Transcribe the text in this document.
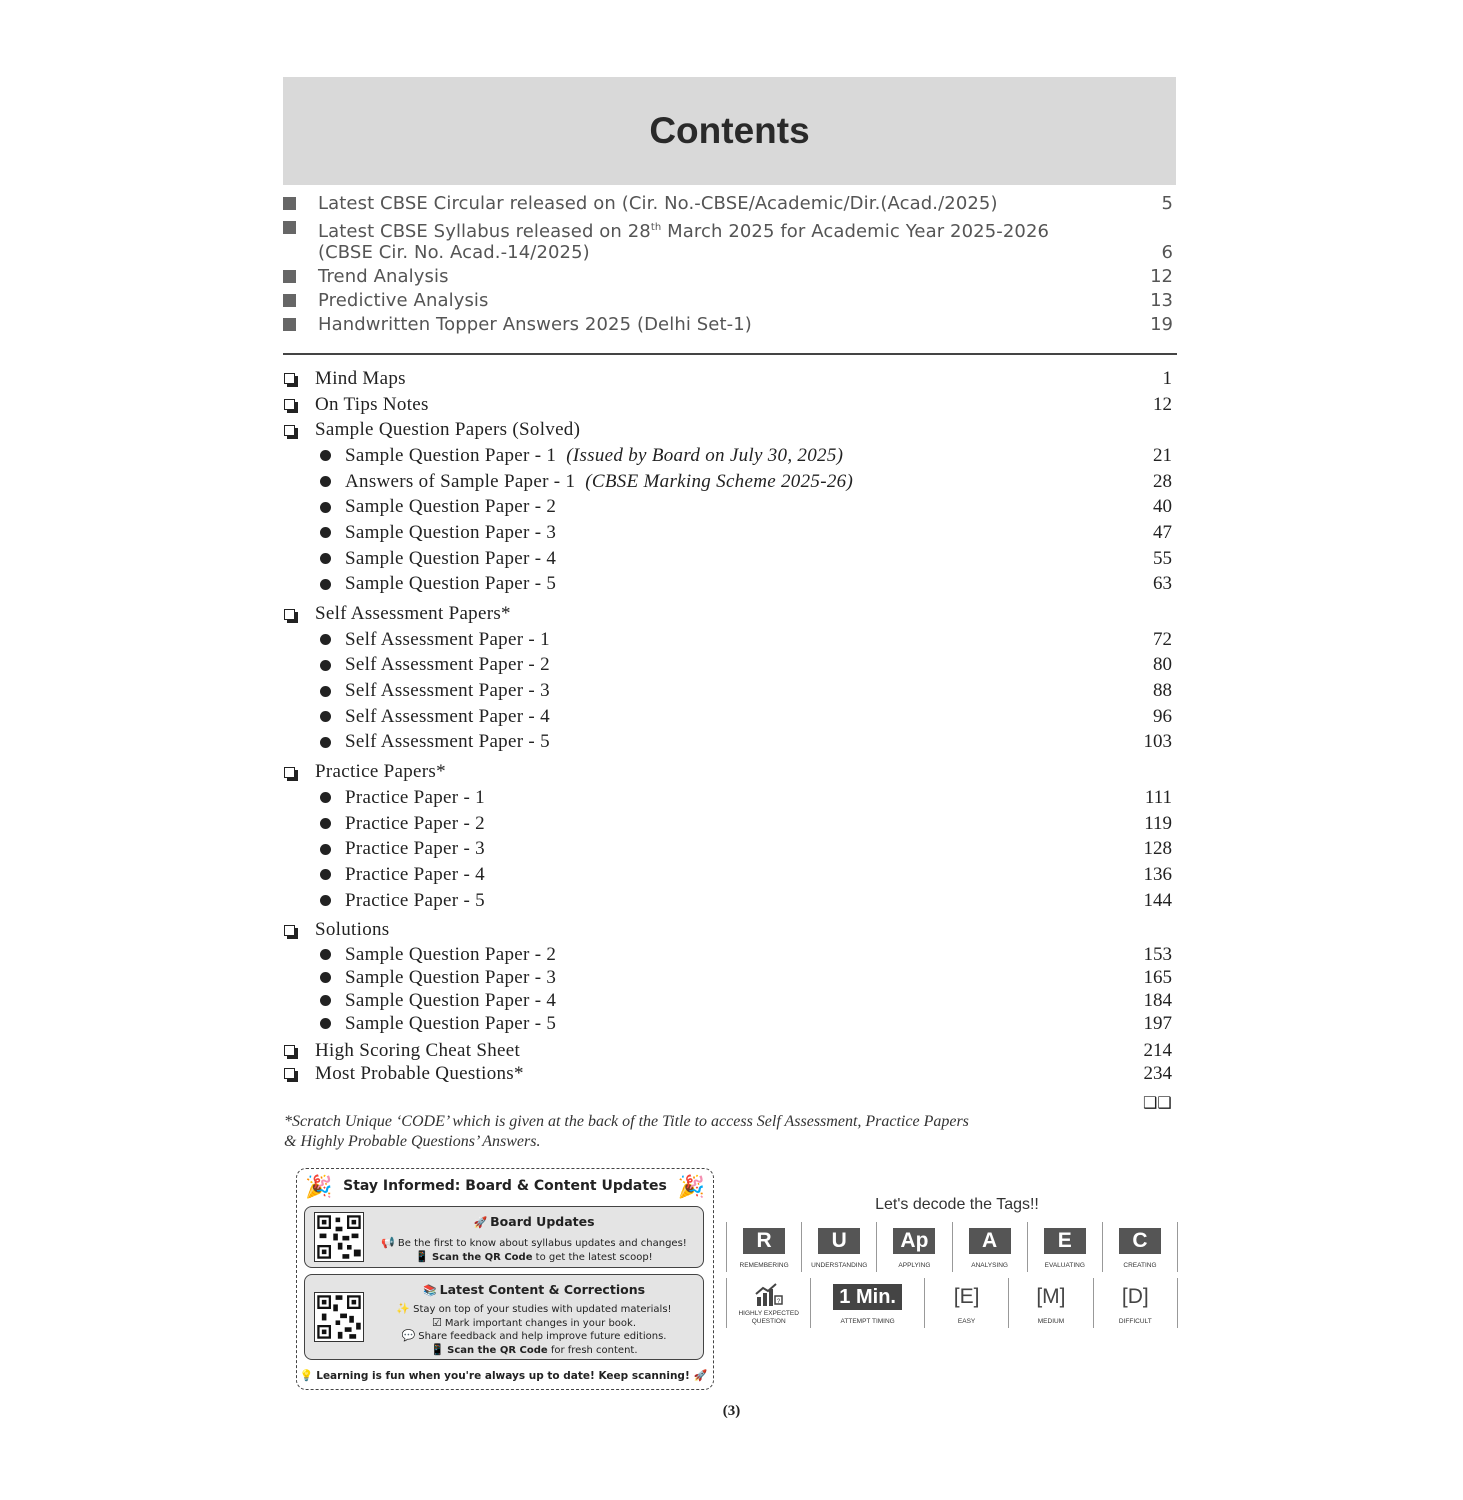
Contents
Latest CBSE Circular released on (Cir. No.-CBSE/Academic/Dir.(Acad./2025)	5
Latest CBSE Syllabus released on 28th March 2025 for Academic Year 2025-2026
(CBSE Cir. No. Acad.-14/2025)	6
Trend Analysis	12
Predictive Analysis	13
Handwritten Topper Answers 2025 (Delhi Set-1)	19
Mind Maps	1
On Tips Notes	12
Sample Question Papers (Solved)
Sample Question Paper - 1 (Issued by Board on July 30, 2025)	21
Answers of Sample Paper - 1 (CBSE Marking Scheme 2025-26)	28
Sample Question Paper - 2	40
Sample Question Paper - 3	47
Sample Question Paper - 4	55
Sample Question Paper - 5	63
Self Assessment Papers*
Self Assessment Paper - 1	72
Self Assessment Paper - 2	80
Self Assessment Paper - 3	88
Self Assessment Paper - 4	96
Self Assessment Paper - 5	103
Practice Papers*
Practice Paper - 1	111
Practice Paper - 2	119
Practice Paper - 3	128
Practice Paper - 4	136
Practice Paper - 5	144
Solutions
Sample Question Paper - 2	153
Sample Question Paper - 3	165
Sample Question Paper - 4	184
Sample Question Paper - 5	197
High Scoring Cheat Sheet	214
Most Probable Questions*	234
❑❑
*Scratch Unique ‘CODE’ which is given at the back of the Title to access Self Assessment, Practice Papers
& Highly Probable Questions’ Answers.
🎉	🎉
Stay Informed: Board & Content Updates
🚀 Board Updates
📢 Be the first to know about syllabus updates and changes!
📱 Scan the QR Code to get the latest scoop!
📚 Latest Content & Corrections
✨ Stay on top of your studies with updated materials!
☑ Mark important changes in your book.
💬 Share feedback and help improve future editions.
📱 Scan the QR Code for fresh content.
💡 Learning is fun when you're always up to date! Keep scanning! 🚀
Let's decode the Tags!!
R
REMEMBERING
U
UNDERSTANDING
Ap
APPLYING
A
ANALYSING
E
EVALUATING
C
CREATING
?
HIGHLY EXPECTED QUESTION
1 Min.
ATTEMPT TIMING
[E]
EASY
[M]
MEDIUM
[D]
DIFFICULT
(3)
